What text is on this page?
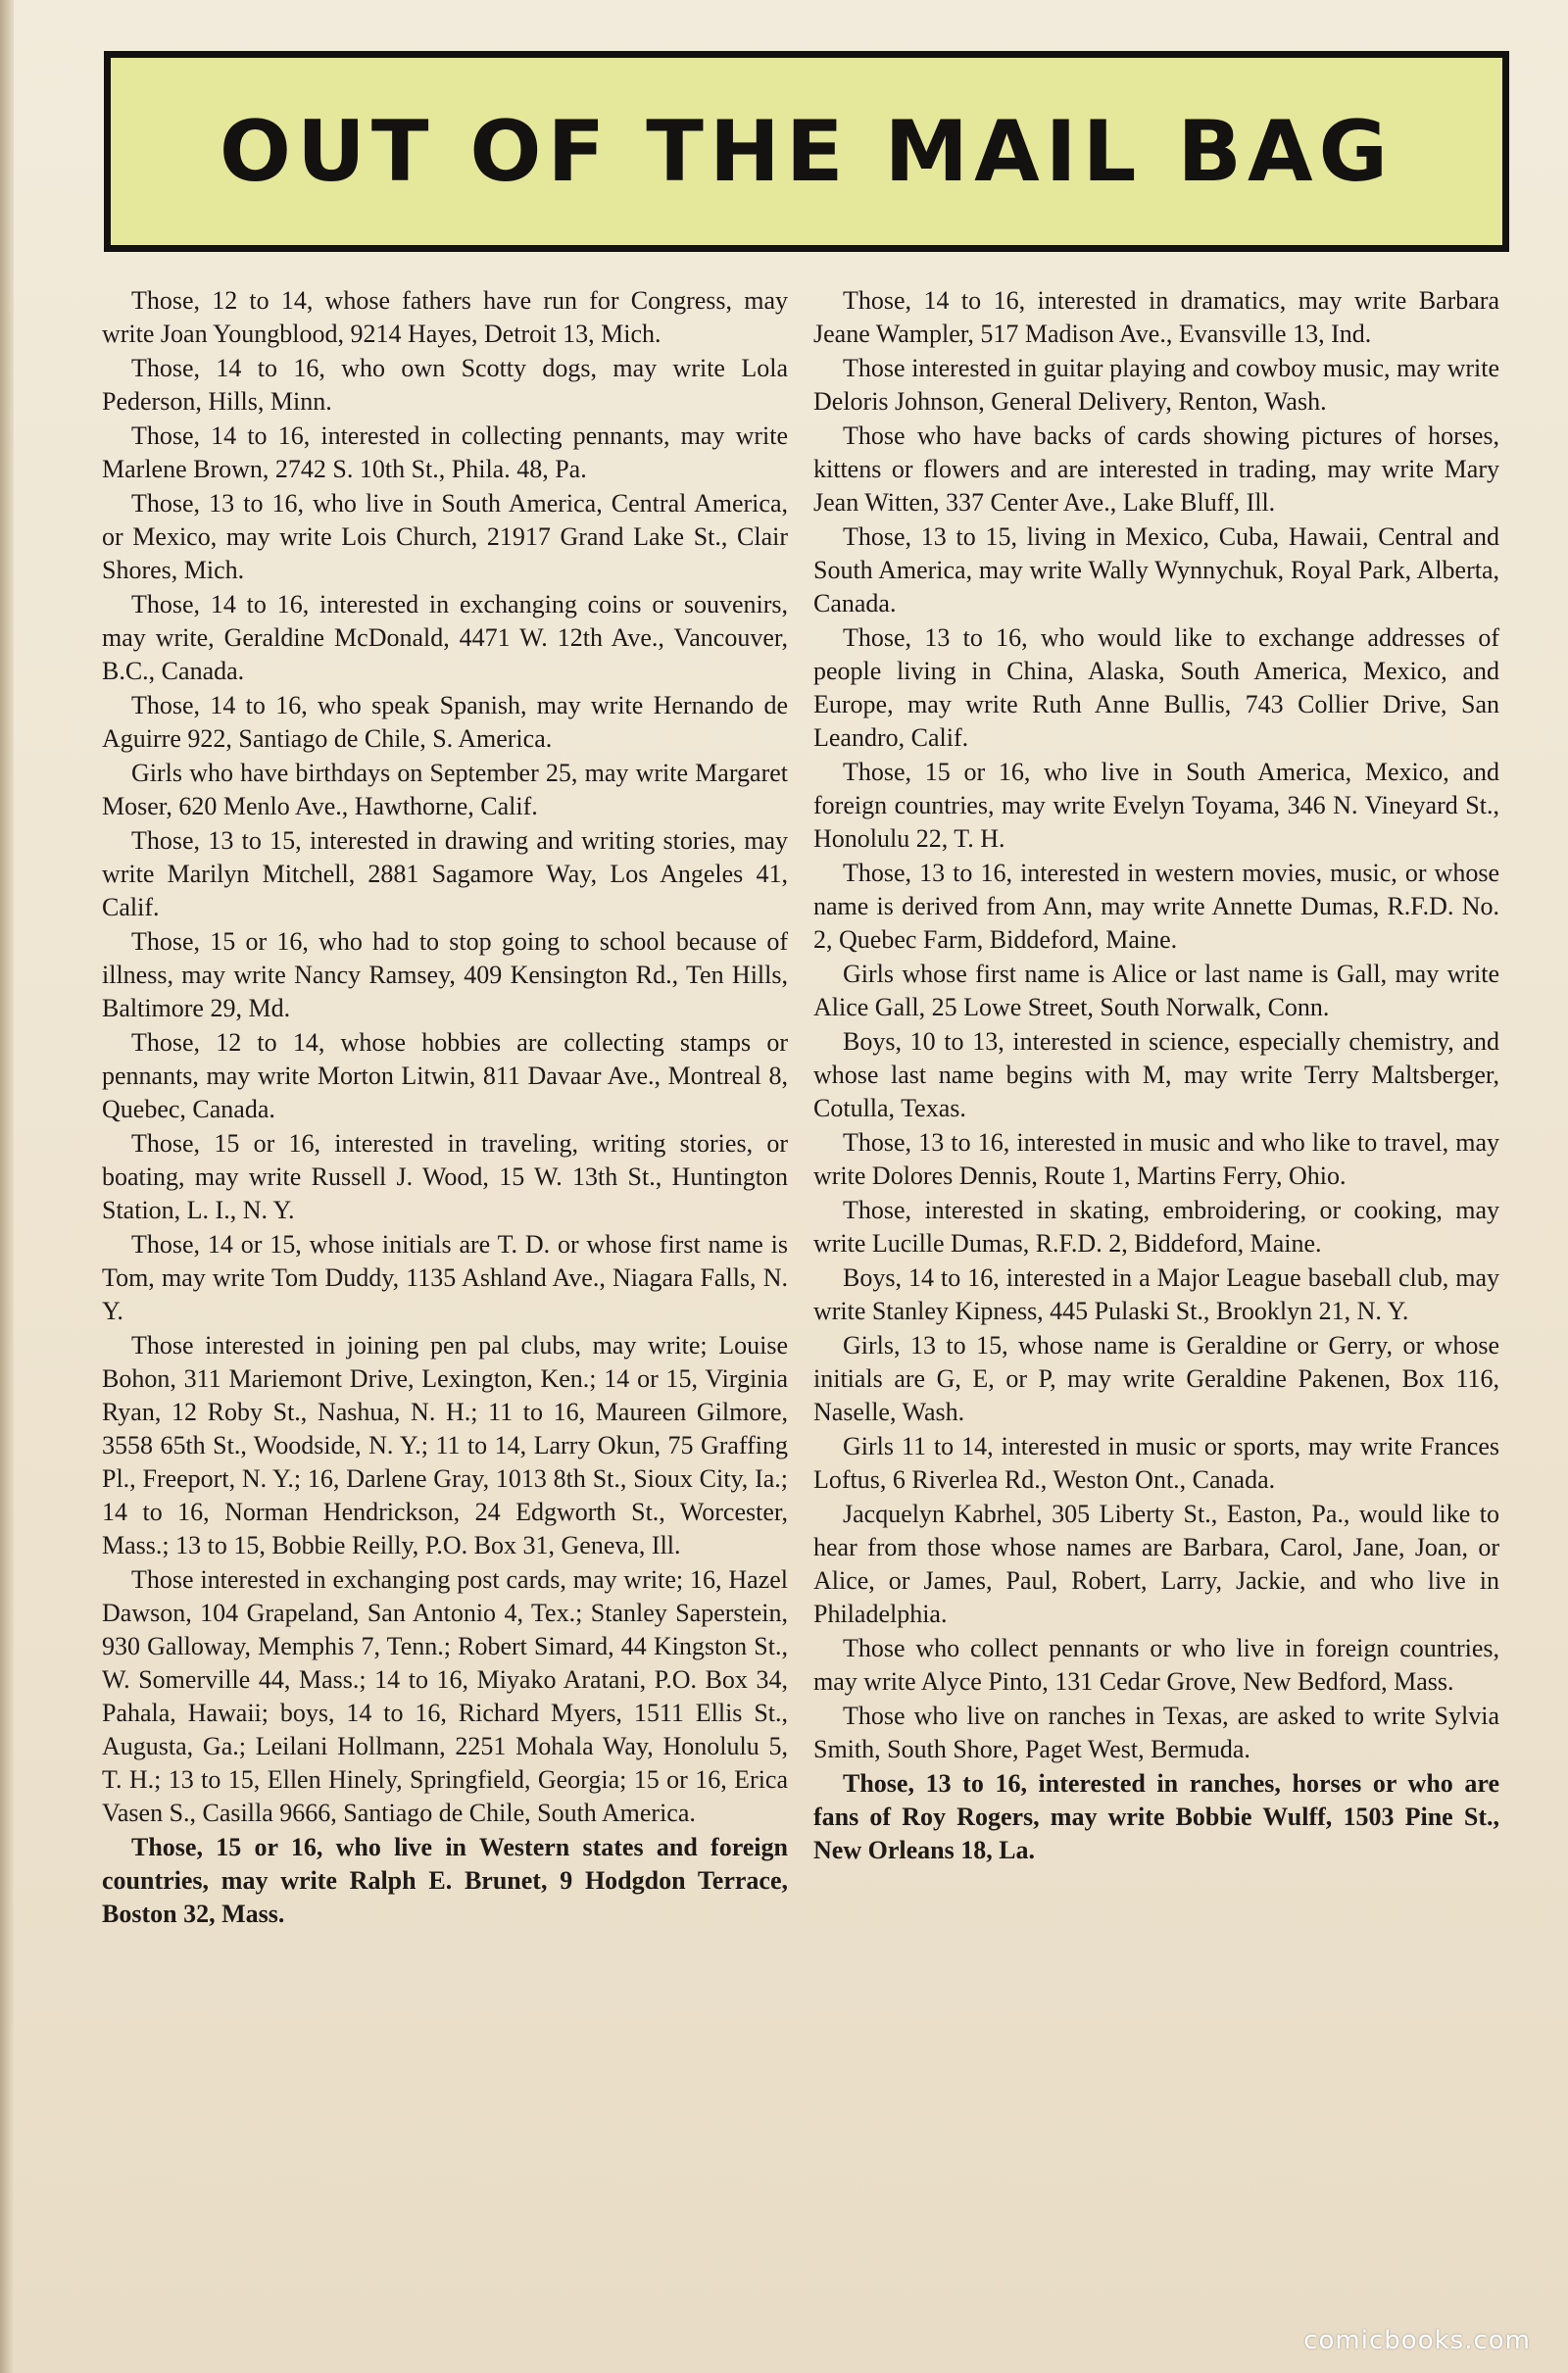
OUT OF THE MAIL BAG

Those, 12 to 14, whose fathers have run for Congress, may write Joan Youngblood, 9214 Hayes, Detroit 13, Mich.

Those, 14 to 16, who own Scotty dogs, may write Lola Pederson, Hills, Minn.

Those, 14 to 16, interested in collecting pennants, may write Marlene Brown, 2742 S. 10th St., Phila. 48, Pa.

Those, 13 to 16, who live in South America, Central America, or Mexico, may write Lois Church, 21917 Grand Lake St., Clair Shores, Mich.

Those, 14 to 16, interested in exchanging coins or souvenirs, may write, Geraldine McDonald, 4471 W. 12th Ave., Vancouver, B.C., Canada.

Those, 14 to 16, who speak Spanish, may write Hernando de Aguirre 922, Santiago de Chile, S. America.

Girls who have birthdays on September 25, may write Margaret Moser, 620 Menlo Ave., Hawthorne, Calif.

Those, 13 to 15, interested in drawing and writing stories, may write Marilyn Mitchell, 2881 Sagamore Way, Los Angeles 41, Calif.

Those, 15 or 16, who had to stop going to school because of illness, may write Nancy Ramsey, 409 Kensington Rd., Ten Hills, Baltimore 29, Md.

Those, 12 to 14, whose hobbies are collecting stamps or pennants, may write Morton Litwin, 811 Davaar Ave., Montreal 8, Quebec, Canada.

Those, 15 or 16, interested in traveling, writing stories, or boating, may write Russell J. Wood, 15 W. 13th St., Huntington Station, L. I., N. Y.

Those, 14 or 15, whose initials are T. D. or whose first name is Tom, may write Tom Duddy, 1135 Ashland Ave., Niagara Falls, N. Y.

Those interested in joining pen pal clubs, may write; Louise Bohon, 311 Mariemont Drive, Lexington, Ken.; 14 or 15, Virginia Ryan, 12 Roby St., Nashua, N. H.; 11 to 16, Maureen Gilmore, 3558 65th St., Woodside, N. Y.; 11 to 14, Larry Okun, 75 Graffing Pl., Freeport, N. Y.; 16, Darlene Gray, 1013 8th St., Sioux City, Ia.; 14 to 16, Norman Hendrickson, 24 Edgworth St., Worcester, Mass.; 13 to 15, Bobbie Reilly, P.O. Box 31, Geneva, Ill.

Those interested in exchanging post cards, may write; 16, Hazel Dawson, 104 Grapeland, San Antonio 4, Tex.; Stanley Saperstein, 930 Galloway, Memphis 7, Tenn.; Robert Simard, 44 Kingston St., W. Somerville 44, Mass.; 14 to 16, Miyako Aratani, P.O. Box 34, Pahala, Hawaii; boys, 14 to 16, Richard Myers, 1511 Ellis St., Augusta, Ga.; Leilani Hollmann, 2251 Mohala Way, Honolulu 5, T. H.; 13 to 15, Ellen Hinely, Springfield, Georgia; 15 or 16, Erica Vasen S., Casilla 9666, Santiago de Chile, South America.

Those, 15 or 16, who live in Western states and foreign countries, may write Ralph E. Brunet, 9 Hodgdon Terrace, Boston 32, Mass.

Those, 14 to 16, interested in dramatics, may write Barbara Jeane Wampler, 517 Madison Ave., Evansville 13, Ind.

Those interested in guitar playing and cowboy music, may write Deloris Johnson, General Delivery, Renton, Wash.

Those who have backs of cards showing pictures of horses, kittens or flowers and are interested in trading, may write Mary Jean Witten, 337 Center Ave., Lake Bluff, Ill.

Those, 13 to 15, living in Mexico, Cuba, Hawaii, Central and South America, may write Wally Wynnychuk, Royal Park, Alberta, Canada.

Those, 13 to 16, who would like to exchange addresses of people living in China, Alaska, South America, Mexico, and Europe, may write Ruth Anne Bullis, 743 Collier Drive, San Leandro, Calif.

Those, 15 or 16, who live in South America, Mexico, and foreign countries, may write Evelyn Toyama, 346 N. Vineyard St., Honolulu 22, T. H.

Those, 13 to 16, interested in western movies, music, or whose name is derived from Ann, may write Annette Dumas, R.F.D. No. 2, Quebec Farm, Biddeford, Maine.

Girls whose first name is Alice or last name is Gall, may write Alice Gall, 25 Lowe Street, South Norwalk, Conn.

Boys, 10 to 13, interested in science, especially chemistry, and whose last name begins with M, may write Terry Maltsberger, Cotulla, Texas.

Those, 13 to 16, interested in music and who like to travel, may write Dolores Dennis, Route 1, Martins Ferry, Ohio.

Those, interested in skating, embroidering, or cooking, may write Lucille Dumas, R.F.D. 2, Biddeford, Maine.

Boys, 14 to 16, interested in a Major League baseball club, may write Stanley Kipness, 445 Pulaski St., Brooklyn 21, N. Y.

Girls, 13 to 15, whose name is Geraldine or Gerry, or whose initials are G, E, or P, may write Geraldine Pakenen, Box 116, Naselle, Wash.

Girls 11 to 14, interested in music or sports, may write Frances Loftus, 6 Riverlea Rd., Weston Ont., Canada.

Jacquelyn Kabrhel, 305 Liberty St., Easton, Pa., would like to hear from those whose names are Barbara, Carol, Jane, Joan, or Alice, or James, Paul, Robert, Larry, Jackie, and who live in Philadelphia.

Those who collect pennants or who live in foreign countries, may write Alyce Pinto, 131 Cedar Grove, New Bedford, Mass.

Those who live on ranches in Texas, are asked to write Sylvia Smith, South Shore, Paget West, Bermuda.

Those, 13 to 16, interested in ranches, horses or who are fans of Roy Rogers, may write Bobbie Wulff, 1503 Pine St., New Orleans 18, La.

comicbooks.com
